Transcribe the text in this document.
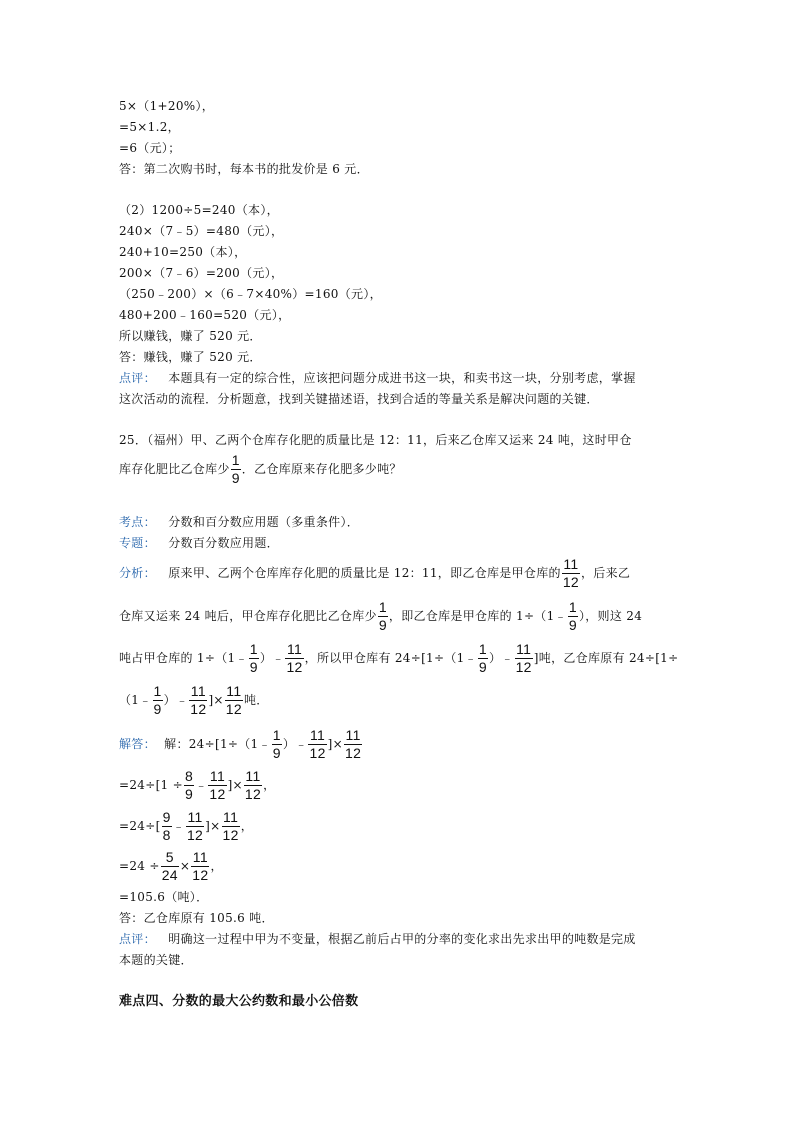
5×（1+20%），
=5×1.2，
=6（元）；
答：第二次购书时，每本书的批发价是 6 元．
（2）1200÷5=240（本），
240×（7﹣5）=480（元），
240+10=250（本），
200×（7﹣6）=200（元），
（250﹣200）×（6﹣7×40%）=160（元），
480+200﹣160=520（元），
所以赚钱，赚了 520 元．
答：赚钱，赚了 520 元．
点评： 本题具有一定的综合性，应该把问题分成进书这一块，和卖书这一块，分别考虑，掌握
这次活动的流程．分析题意，找到关键描述语，找到合适的等量关系是解决问题的关键．
25．（福州）甲、乙两个仓库存化肥的质量比是 12：11，后来乙仓库又运来 24 吨，这时甲仓
库存化肥比乙仓库少 $\frac{1}{9}$ ．乙仓库原来存化肥多少吨？
考点： 分数和百分数应用题（多重条件）．
专题： 分数百分数应用题．
分析： 原来甲、乙两个仓库库存化肥的质量比是 12：11，即乙仓库是甲仓库的 $\frac{11}{12}$ ，后来乙
仓库又运来 24 吨后，甲仓库存化肥比乙仓库少 $\frac{1}{9}$ ，即乙仓库是甲仓库的 1÷（1﹣ $\frac{1}{9}$ ），则这 24
吨占甲仓库的 1÷（1﹣ $\frac{1}{9}$ ）﹣ $\frac{11}{12}$ ，所以甲仓库有 24÷[1÷（1﹣ $\frac{1}{9}$ ）﹣ $\frac{11}{12}$ ]吨，乙仓库原有 24÷[1÷
（1﹣ $\frac{1}{9}$ ）﹣ $\frac{11}{12}$ ]× $\frac{11}{12}$ 吨．
解答： 解：24÷[1÷（1﹣ $\frac{1}{9}$ ）﹣ $\frac{11}{12}$ ]× $\frac{11}{12}$
$=24\div[1 \div \frac{8}{9}$ ﹣ $\frac{11}{12}$ ]× $\frac{11}{12}$ ，
$=24\div[ \frac{9}{8}$ ﹣ $\frac{11}{12}$ ]× $\frac{11}{12}$ ，
$=24 \div \frac{5}{24} \times \frac{11}{12}$ ，
=105.6（吨）．
答：乙仓库原有 105.6 吨．
点评： 明确这一过程中甲为不变量，根据乙前后占甲的分率的变化求出先求出甲的吨数是完成
本题的关键．
难点四、分数的最大公约数和最小公倍数
